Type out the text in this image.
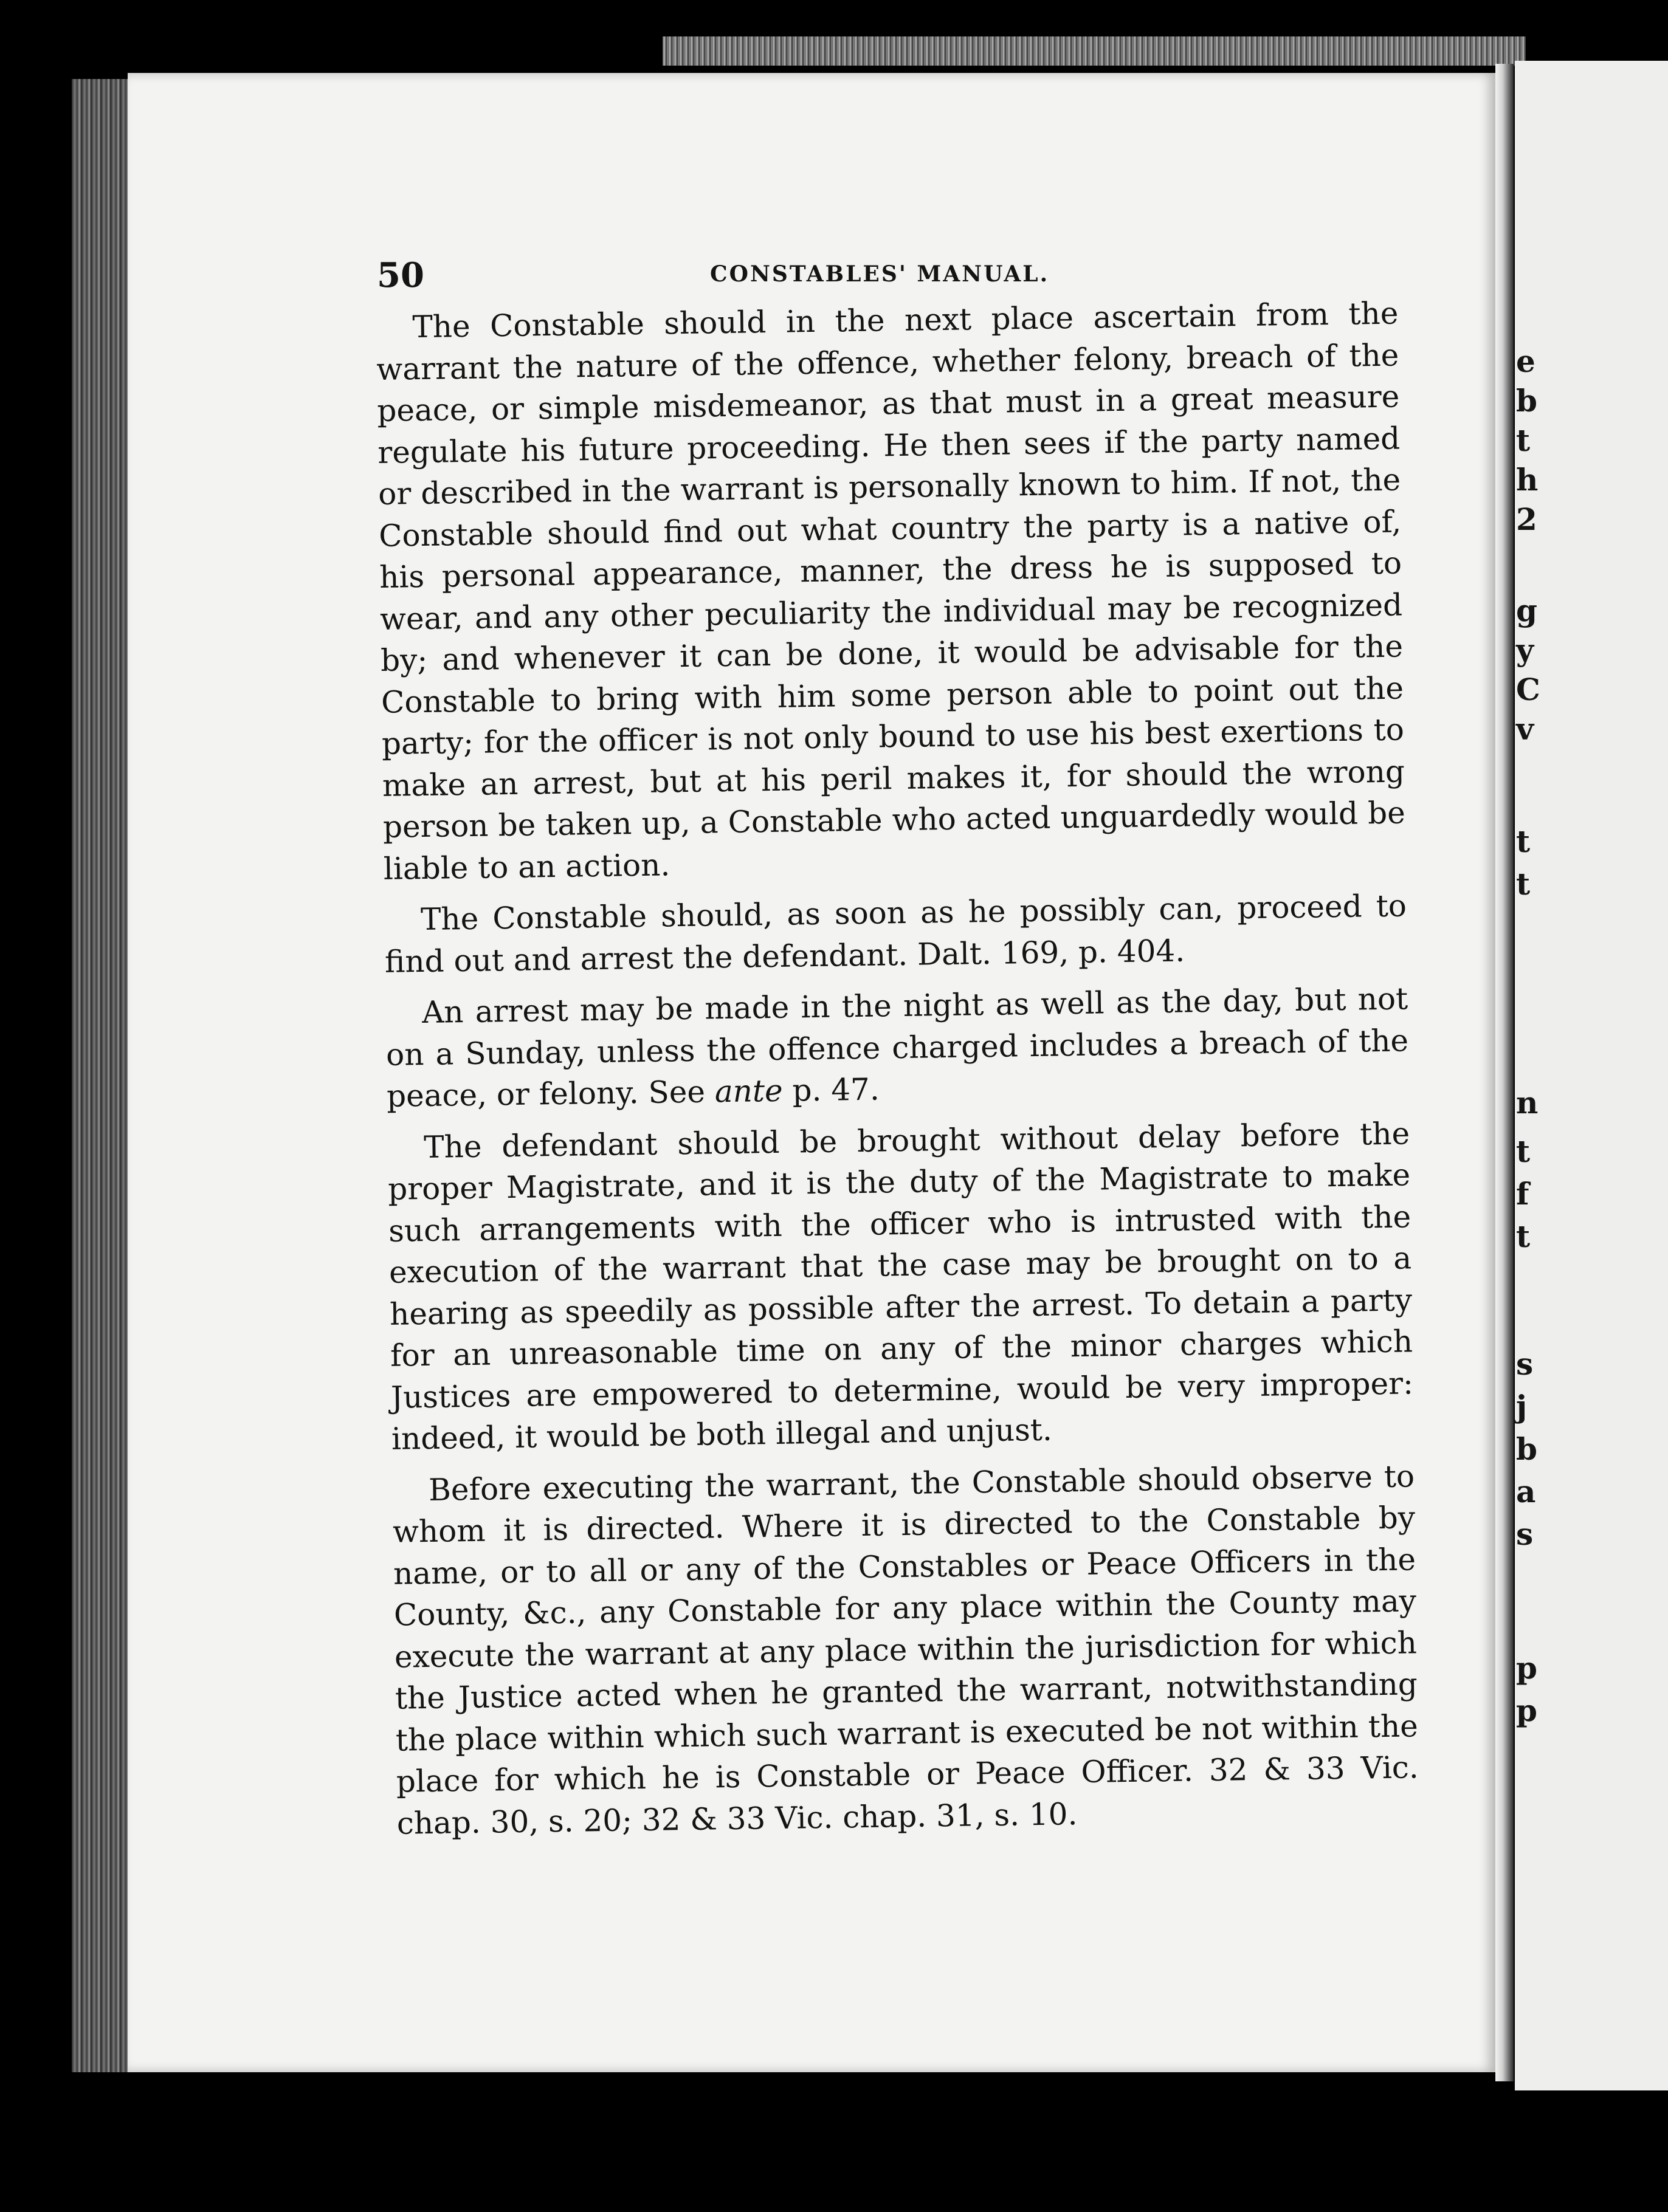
e
b
t
h
2
g
y
C
v
t
t
n
t
f
t
s
j
b
a
s
p
p
50	CONSTABLES' MANUAL.

The Constable should in the next place ascertain from the warrant the nature of the offence, whether felony, breach of the peace, or simple misdemeanor, as that must in a great measure regulate his future proceeding. He then sees if the party named or described in the warrant is personally known to him. If not, the Constable should find out what country the party is a native of, his personal appearance, manner, the dress he is supposed to wear, and any other peculiarity the individual may be recognized by; and whenever it can be done, it would be advisable for the Constable to bring with him some person able to point out the party; for the officer is not only bound to use his best exertions to make an arrest, but at his peril makes it, for should the wrong person be taken up, a Constable who acted unguardedly would be liable to an action.

The Constable should, as soon as he possibly can, proceed to find out and arrest the defendant. Dalt. 169, p. 404.

An arrest may be made in the night as well as the day, but not on a Sunday, unless the offence charged includes a breach of the peace, or felony. See ante p. 47.

The defendant should be brought without delay before the proper Magistrate, and it is the duty of the Magistrate to make such arrangements with the officer who is intrusted with the execution of the warrant that the case may be brought on to a hearing as speedily as possible after the arrest. To detain a party for an unreasonable time on any of the minor charges which Justices are empowered to determine, would be very improper: indeed, it would be both illegal and unjust.

Before executing the warrant, the Constable should observe to whom it is directed. Where it is directed to the Constable by name, or to all or any of the Constables or Peace Officers in the County, &c., any Constable for any place within the County may execute the warrant at any place within the jurisdiction for which the Justice acted when he granted the warrant, notwithstanding the place within which such warrant is executed be not within the place for which he is Constable or Peace Officer. 32 & 33 Vic. chap. 30, s. 20; 32 & 33 Vic. chap. 31, s. 10.
